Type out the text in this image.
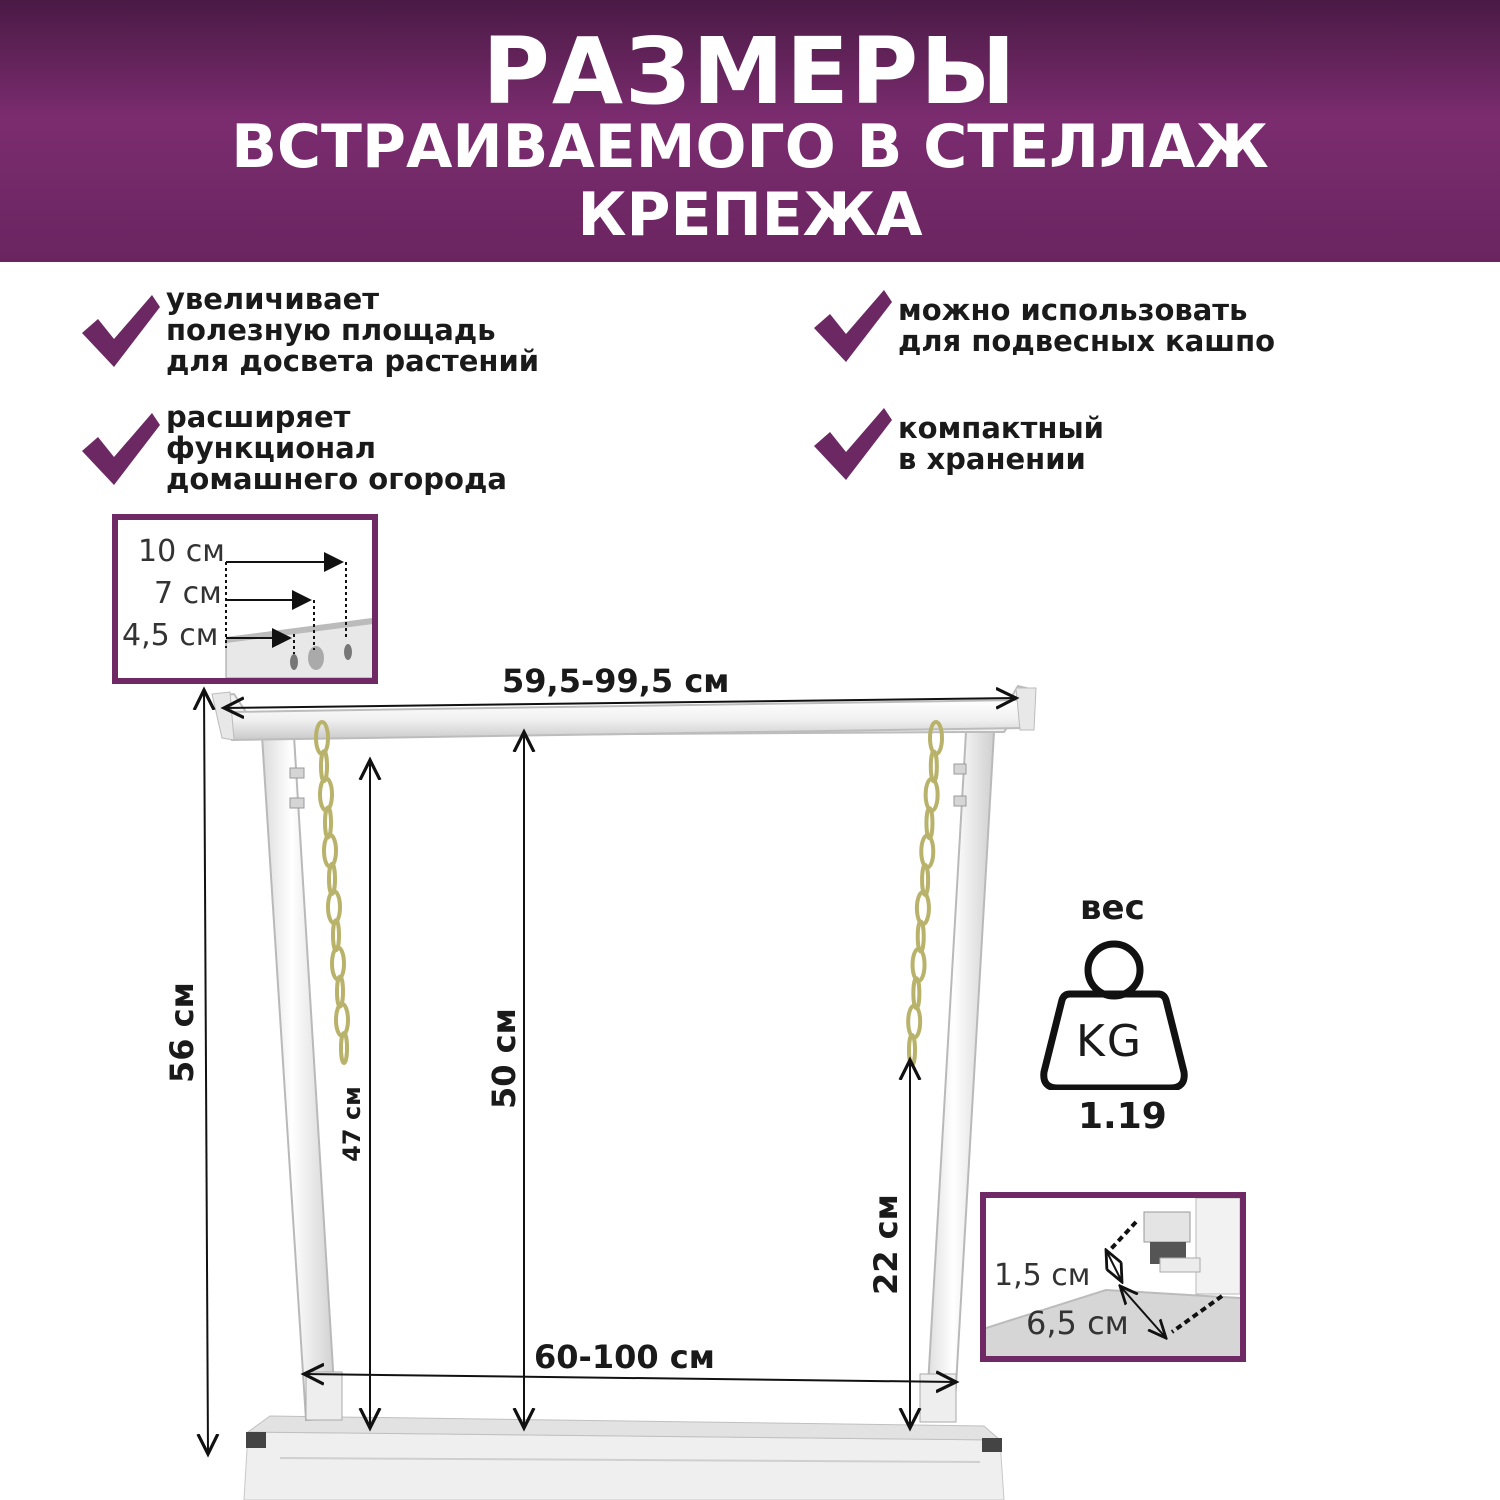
РАЗМЕРЫ
ВСТРАИВАЕМОГО В СТЕЛЛАЖ
КРЕПЕЖА
увеличивает
полезную площадь
для досвета растений
расширяет
функционал
домашнего огорода
можно использовать
для подвесных кашпо
компактный
в хранении
10 см
7 см
4,5 см
59,5-99,5 см
60-100 см
56 см
47 см
50 см
22 см
вес
KG
1.19
1,5 см
6,5 см
